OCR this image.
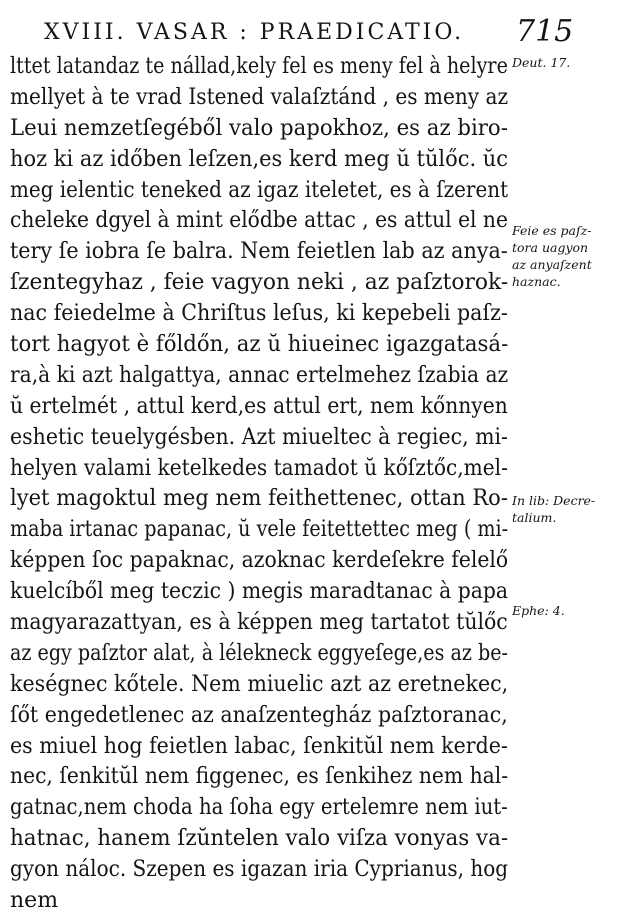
XVIII. VASAR : PRAEDICATIO. 715
lttet latandaz te nállad,kely fel es meny fel à helyre
mellyet à te vrad Istened valaſztánd , es meny az
Leui nemzetſegéből valo papokhoz, es az biro-
hoz ki az időben leſzen,es kerd meg ŭ tŭlőc. ŭc
meg ielentic teneked az igaz iteletet, es à ſzerent
cheleke dgyel à mint elődbe attac , es attul el ne
tery ſe iobra ſe balra. Nem feietlen lab az anya-
ſzentegyhaz , feie vagyon neki , az paſztorok-
nac feiedelme à Chriſtus leſus, ki kepebeli paſz-
tort hagyot è főldőn, az ŭ hiueinec igazgatasá-
ra,à ki azt halgattya, annac ertelmehez ſzabia az
ŭ ertelmét , attul kerd,es attul ert, nem kőnnyen
eshetic teuelygésben. Azt miueltec à regiec, mi-
helyen valami ketelkedes tamadot ŭ kőſztőc,mel-
lyet magoktul meg nem feithettenec, ottan Ro-
maba irtanac papanac, ŭ vele feitettettec meg ( mi-
képpen ſoc papaknac, azoknac kerdeſekre felelő
kuelcíből meg teczic ) megis maradtanac à papa
magyarazattyan, es à képpen meg tartatot tŭlőc
az egy paſztor alat, à lélekneck eggyeſege,es az be-
keségnec kőtele. Nem miuelic azt az eretnekec,
ſőt engedetlenec az anaſzentegház paſztoranac,
es miuel hog feietlen labac, ſenkitŭl nem kerde-
nec, ſenkitŭl nem figgenec, es ſenkihez nem hal-
gatnac,nem choda ha ſoha egy ertelemre nem iut-
hatnac, hanem ſzŭntelen valo viſza vonyas va-
gyon náloc. Szepen es igazan iria Cyprianus, hog
nem
Deut. 17.
Feie es paſz-
tora uagyon
az anyaſzent
haznac.
In lib: Decre-
talium.
Ephe: 4.
